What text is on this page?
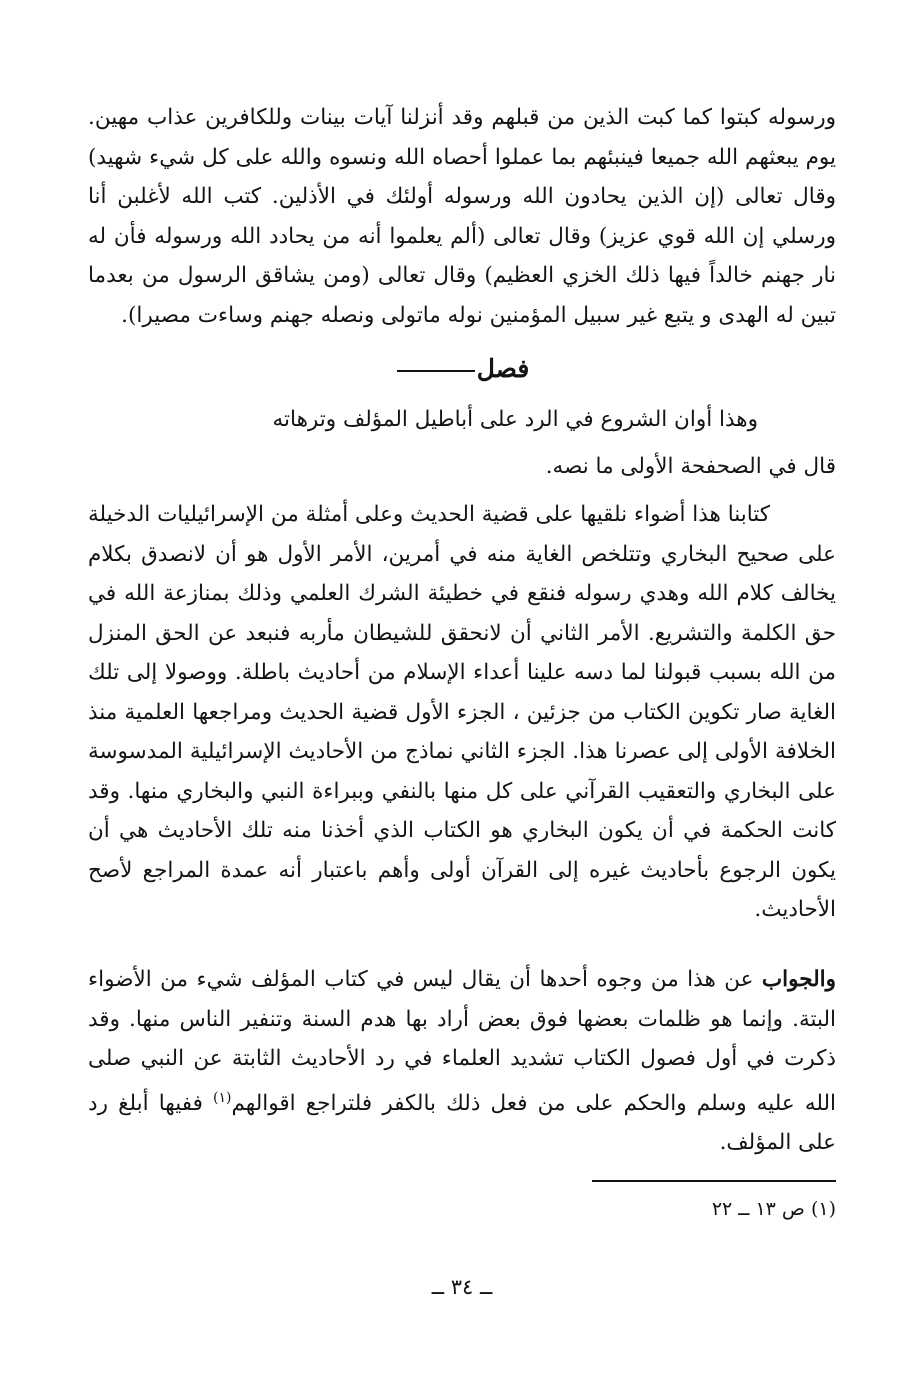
ورسوله كبتوا كما كبت الذين من قبلهم وقد أنزلنا آيات بينات وللكافرين عذاب مهين. يوم يبعثهم الله جميعا فينبئهم بما عملوا أحصاه الله ونسوه والله على كل شيء شهيد) وقال تعالى (إن الذين يحادون الله ورسوله أولئك في الأذلين. كتب الله لأغلبن أنا ورسلي إن الله قوي عزيز) وقال تعالى (ألم يعلموا أنه من يحادد الله ورسوله فأن له نار جهنم خالداً فيها ذلك الخزي العظيم) وقال تعالى (ومن يشاقق الرسول من بعدما تبين له الهدى و يتبع غير سبيل المؤمنين نوله ماتولى ونصله جهنم وساءت مصيرا).

فصل
وهذا أوان الشروع في الرد على أباطيل المؤلف وترهاته
قال في الصحفحة الأولى ما نصه.

كتابنا هذا أضواء نلقيها على قضية الحديث وعلى أمثلة من الإسرائيليات الدخيلة على صحيح البخاري وتتلخص الغاية منه في أمرين، الأمر الأول هو أن لانصدق بكلام يخالف كلام الله وهدي رسوله فنقع في خطيئة الشرك العلمي وذلك بمنازعة الله في حق الكلمة والتشريع. الأمر الثاني أن لانحقق للشيطان مأربه فنبعد عن الحق المنزل من الله بسبب قبولنا لما دسه علينا أعداء الإسلام من أحاديث باطلة. ووصولا إلى تلك الغاية صار تكوين الكتاب من جزئين ، الجزء الأول قضية الحديث ومراجعها العلمية منذ الخلافة الأولى إلى عصرنا هذا. الجزء الثاني نماذج من الأحاديث الإسرائيلية المدسوسة على البخاري والتعقيب القرآني على كل منها بالنفي وببراءة النبي والبخاري منها. وقد كانت الحكمة في أن يكون البخاري هو الكتاب الذي أخذنا منه تلك الأحاديث هي أن يكون الرجوع بأحاديث غيره إلى القرآن أولى وأهم باعتبار أنه عمدة المراجع لأصح الأحاديث.

والجواب عن هذا من وجوه أحدها أن يقال ليس في كتاب المؤلف شيء من الأضواء البتة. وإنما هو ظلمات بعضها فوق بعض أراد بها هدم السنة وتنفير الناس منها. وقد ذكرت في أول فصول الكتاب تشديد العلماء في رد الأحاديث الثابتة عن النبي صلى الله عليه وسلم والحكم على من فعل ذلك بالكفر فلتراجع اقوالهم$^{(١)}$ ففيها أبلغ رد على المؤلف.

(١) ص ١٣ ــ ٢٢
ــ ٣٤ ــ
